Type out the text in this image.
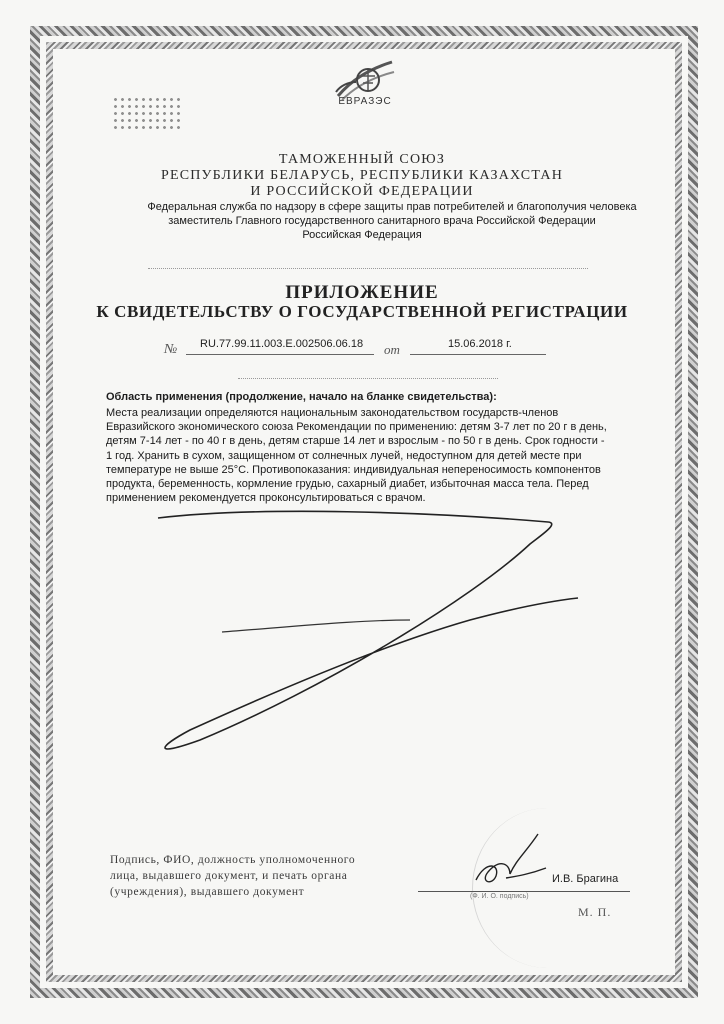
ЕВРАЗЭС
ТАМОЖЕННЫЙ СОЮЗ
РЕСПУБЛИКИ БЕЛАРУСЬ, РЕСПУБЛИКИ КАЗАХСТАН
И РОССИЙСКОЙ ФЕДЕРАЦИИ
Федеральная служба по надзору в сфере защиты прав потребителей и благополучия человека
заместитель Главного государственного санитарного врача Российской Федерации
Российская Федерация
ПРИЛОЖЕНИЕ
К СВИДЕТЕЛЬСТВУ О ГОСУДАРСТВЕННОЙ РЕГИСТРАЦИИ
№ RU.77.99.11.003.E.002506.06.18 от	15.06.2018 г.
Область применения (продолжение, начало на бланке свидетельства):

Места реализации определяются национальным законодательством государств-членов
Евразийского экономического союза Рекомендации по применению: детям 3-7 лет по 20 г в день,
детям 7-14 лет - по 40 г в день, детям старше 14 лет и взрослым - по 50 г в день. Срок годности -
1 год. Хранить в сухом, защищенном от солнечных лучей, недоступном для детей месте при
температуре не выше 25°С. Противопоказания: индивидуальная непереносимость компонентов
продукта, беременность, кормление грудью, сахарный диабет, избыточная масса тела. Перед
применением рекомендуется проконсультироваться с врачом.

Подпись, ФИО, должность уполномоченного
лица, выдавшего документ, и печать органа
(учреждения), выдавшего документ	(Ф. И. О. подпись)
И.В. Брагина
М. П.
